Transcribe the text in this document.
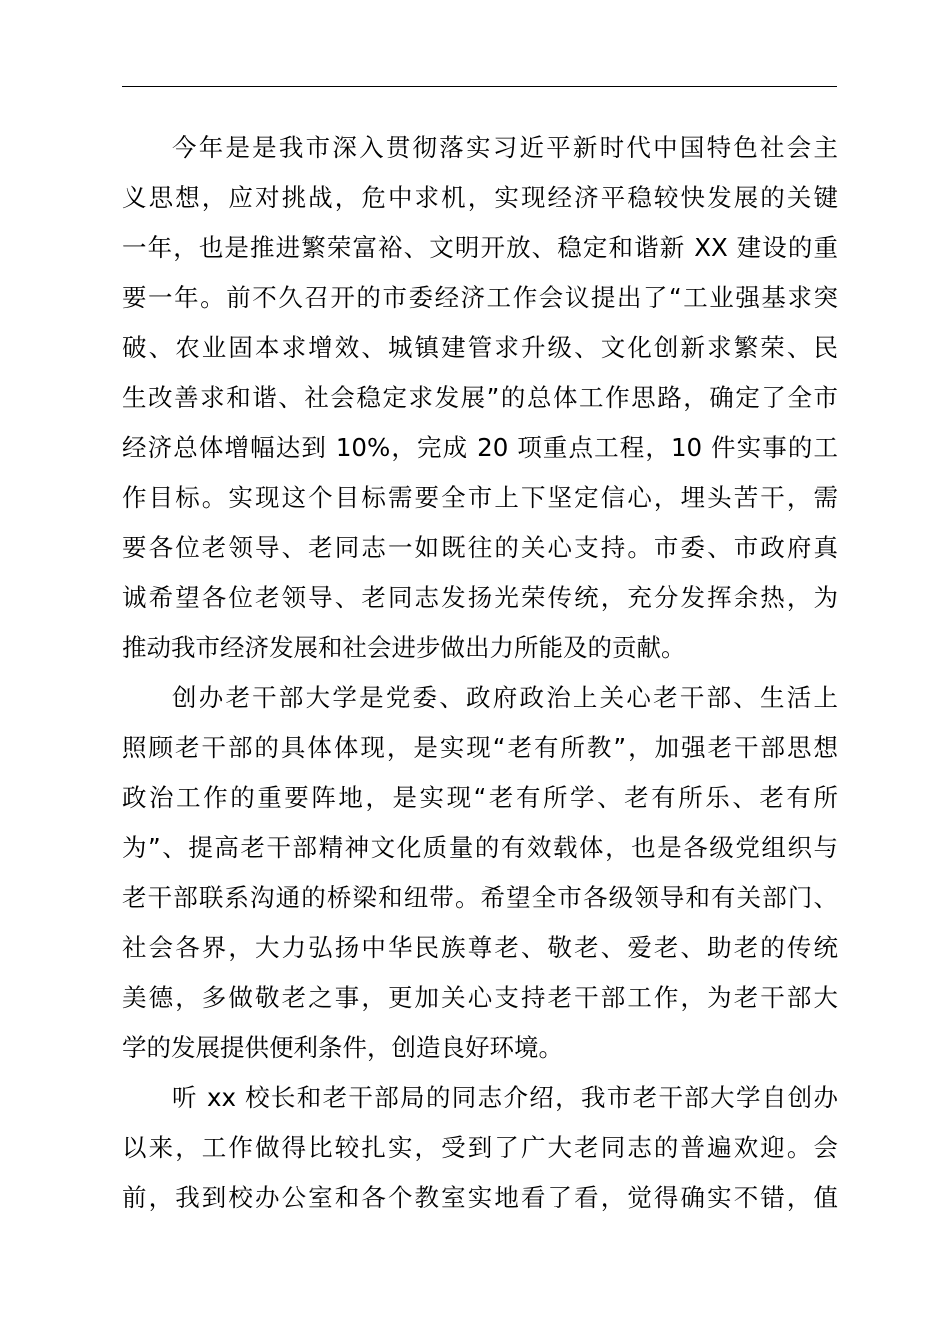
今年是是我市深入贯彻落实习近平新时代中国特色社会主
义思想，应对挑战，危中求机，实现经济平稳较快发展的关键
一年，也是推进繁荣富裕、文明开放、稳定和谐新 XX 建设的重
要一年。前不久召开的市委经济工作会议提出了“工业强基求突
破、农业固本求增效、城镇建管求升级、文化创新求繁荣、民
生改善求和谐、社会稳定求发展”的总体工作思路，确定了全市
经济总体增幅达到 10%，完成 20 项重点工程，10 件实事的工
作目标。实现这个目标需要全市上下坚定信心，埋头苦干，需
要各位老领导、老同志一如既往的关心支持。市委、市政府真
诚希望各位老领导、老同志发扬光荣传统，充分发挥余热，为
推动我市经济发展和社会进步做出力所能及的贡献。
创办老干部大学是党委、政府政治上关心老干部、生活上
照顾老干部的具体体现，是实现“老有所教”，加强老干部思想
政治工作的重要阵地，是实现“老有所学、老有所乐、老有所
为”、提高老干部精神文化质量的有效载体，也是各级党组织与
老干部联系沟通的桥梁和纽带。希望全市各级领导和有关部门、
社会各界，大力弘扬中华民族尊老、敬老、爱老、助老的传统
美德，多做敬老之事，更加关心支持老干部工作，为老干部大
学的发展提供便利条件，创造良好环境。
听 xx 校长和老干部局的同志介绍，我市老干部大学自创办
以来，工作做得比较扎实，受到了广大老同志的普遍欢迎。会
前，我到校办公室和各个教室实地看了看，觉得确实不错，值
